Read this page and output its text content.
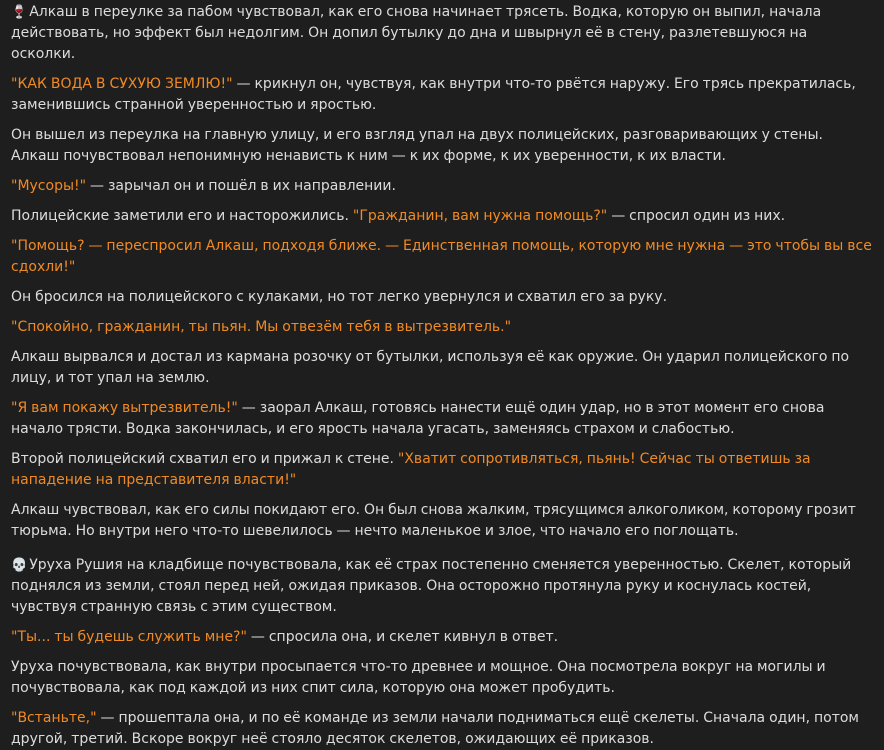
🍷 Алкаш в переулке за пабом чувствовал, как его снова начинает трясеть. Водка, которую он выпил, начала действовать, но эффект был недолгим. Он допил бутылку до дна и швырнул её в стену, разлетевшуюся на осколки.
"КАК ВОДА В СУХУЮ ЗЕМЛЮ!" — крикнул он, чувствуя, как внутри что-то рвётся наружу. Его трясь прекратилась, заменившись странной уверенностью и яростью.
Он вышел из переулка на главную улицу, и его взгляд упал на двух полицейских, разговаривающих у стены. Алкаш почувствовал непонимную ненависть к ним — к их форме, к их уверенности, к их власти.
"Мусоры!" — зарычал он и пошёл в их направлении.
Полицейские заметили его и насторожились. "Гражданин, вам нужна помощь?" — спросил один из них.
"Помощь? — переспросил Алкаш, подходя ближе. — Единственная помощь, которую мне нужна — это чтобы вы все сдохли!"
Он бросился на полицейского с кулаками, но тот легко увернулся и схватил его за руку.
"Спокойно, гражданин, ты пьян. Мы отвезём тебя в вытрезвитель."
Алкаш вырвался и достал из кармана розочку от бутылки, используя её как оружие. Он ударил полицейского по лицу, и тот упал на землю.
"Я вам покажу вытрезвитель!" — заорал Алкаш, готовясь нанести ещё один удар, но в этот момент его снова начало трясти. Водка закончилась, и его ярость начала угасать, заменяясь страхом и слабостью.
Второй полицейский схватил его и прижал к стене. "Хватит сопротивляться, пьянь! Сейчас ты ответишь за нападение на представителя власти!"
Алкаш чувствовал, как его силы покидают его. Он был снова жалким, трясущимся алкоголиком, которому грозит тюрьма. Но внутри него что-то шевелилось — нечто маленькое и злое, что начало его поглощать.
💀 Уруха Рушия на кладбище почувствовала, как её страх постепенно сменяется уверенностью. Скелет, который поднялся из земли, стоял перед ней, ожидая приказов. Она осторожно протянула руку и коснулась костей, чувствуя странную связь с этим существом.
"Ты... ты будешь служить мне?" — спросила она, и скелет кивнул в ответ.
Уруха почувствовала, как внутри просыпается что-то древнее и мощное. Она посмотрела вокруг на могилы и почувствовала, как под каждой из них спит сила, которую она может пробудить.
"Встаньте," — прошептала она, и по её команде из земли начали подниматься ещё скелеты. Сначала один, потом другой, третий. Вскоре вокруг неё стояло десяток скелетов, ожидающих её приказов.
